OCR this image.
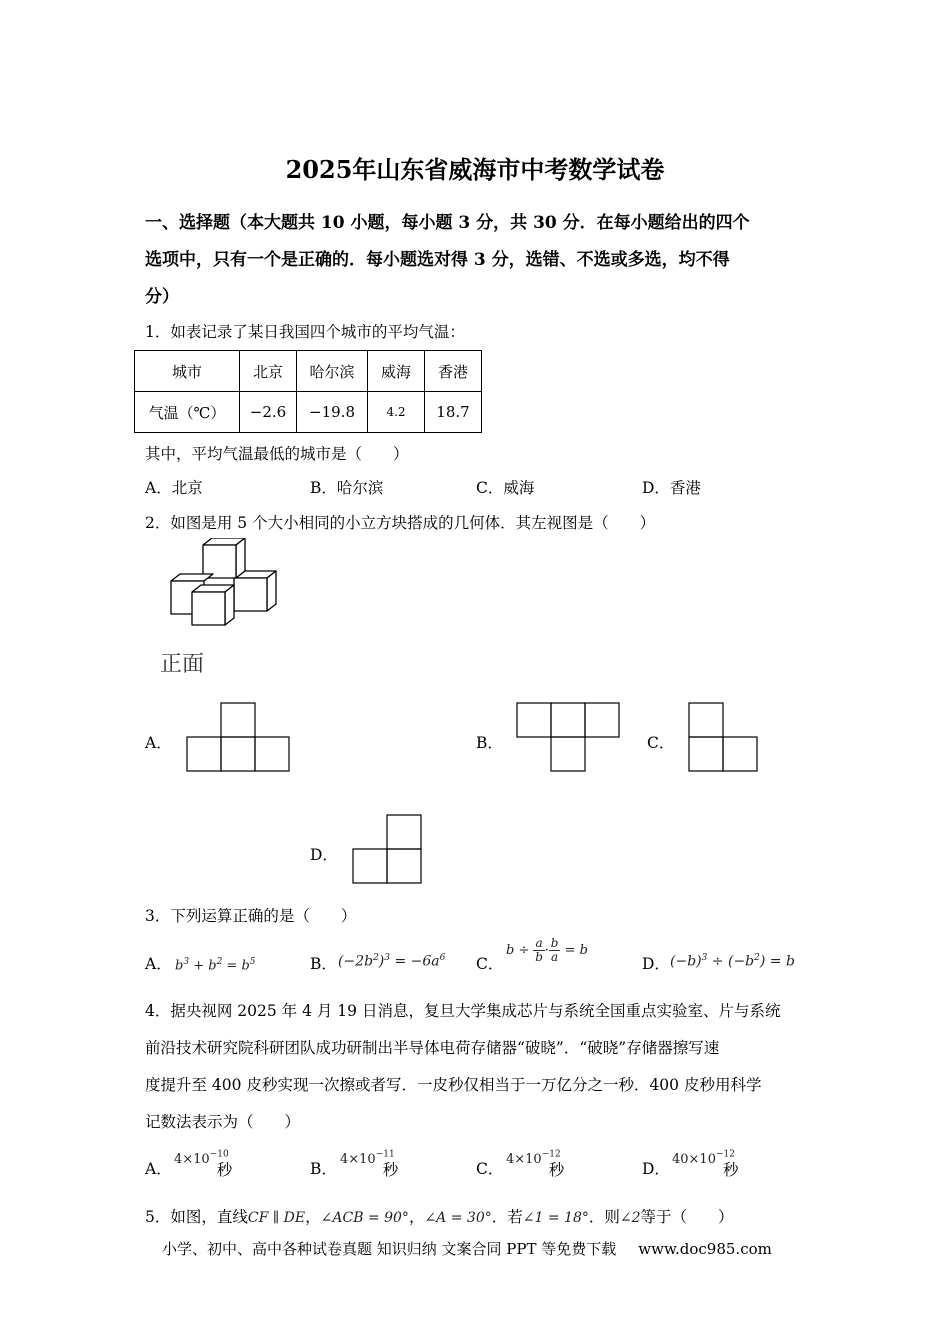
2025年山东省威海市中考数学试卷
一、选择题（本大题共 10 小题，每小题 3 分，共 30 分．在每小题给出的四个
选项中，只有一个是正确的．每小题选对得 3 分，选错、不选或多选，均不得
分）
1．如表记录了某日我国四个城市的平均气温：
城市	北京	哈尔滨	威海	香港
气温（℃）	−2.6	−19.8	4.2	18.7
其中，平均气温最低的城市是（　　）
A．北京	B．哈尔滨	C．威海	D．香港
2．如图是用 5 个大小相同的小立方块搭成的几何体．其左视图是（　　）
正面
A．	B．	C．
D．
3．下列运算正确的是（　　）
A． $b^3 + b^2 = b^5$	B． $(-2b^2)^3 = -6a^6$ C．
$b \div \frac{a}{b} \cdot \frac{b}{a} = b$
D． $(-b)^3 \div (-b^2) = b$
4．据央视网 2025 年 4 月 19 日消息，复旦大学集成芯片与系统全国重点实验室、片与系统
前沿技术研究院科研团队成功研制出半导体电荷存储器“破晓”．“破晓”存储器擦写速
度提升至 400 皮秒实现一次擦或者写．一皮秒仅相当于一万亿分之一秒．400 皮秒用科学
记数法表示为（　　）
A．
$4\times 10^{-10}$秒	B．
$4\times 10^{-11}$秒	C．
$4\times 10^{-12}$秒	D．
$40\times 10^{-12}$秒
5．如图，直线CF ∥ DE，∠ACB = 90°，∠A = 30°．若∠1 = 18°．则∠2等于（　　）
小学、初中、高中各种试卷真题 知识归纳 文案合同 PPT 等免费下载 www.doc985.com
